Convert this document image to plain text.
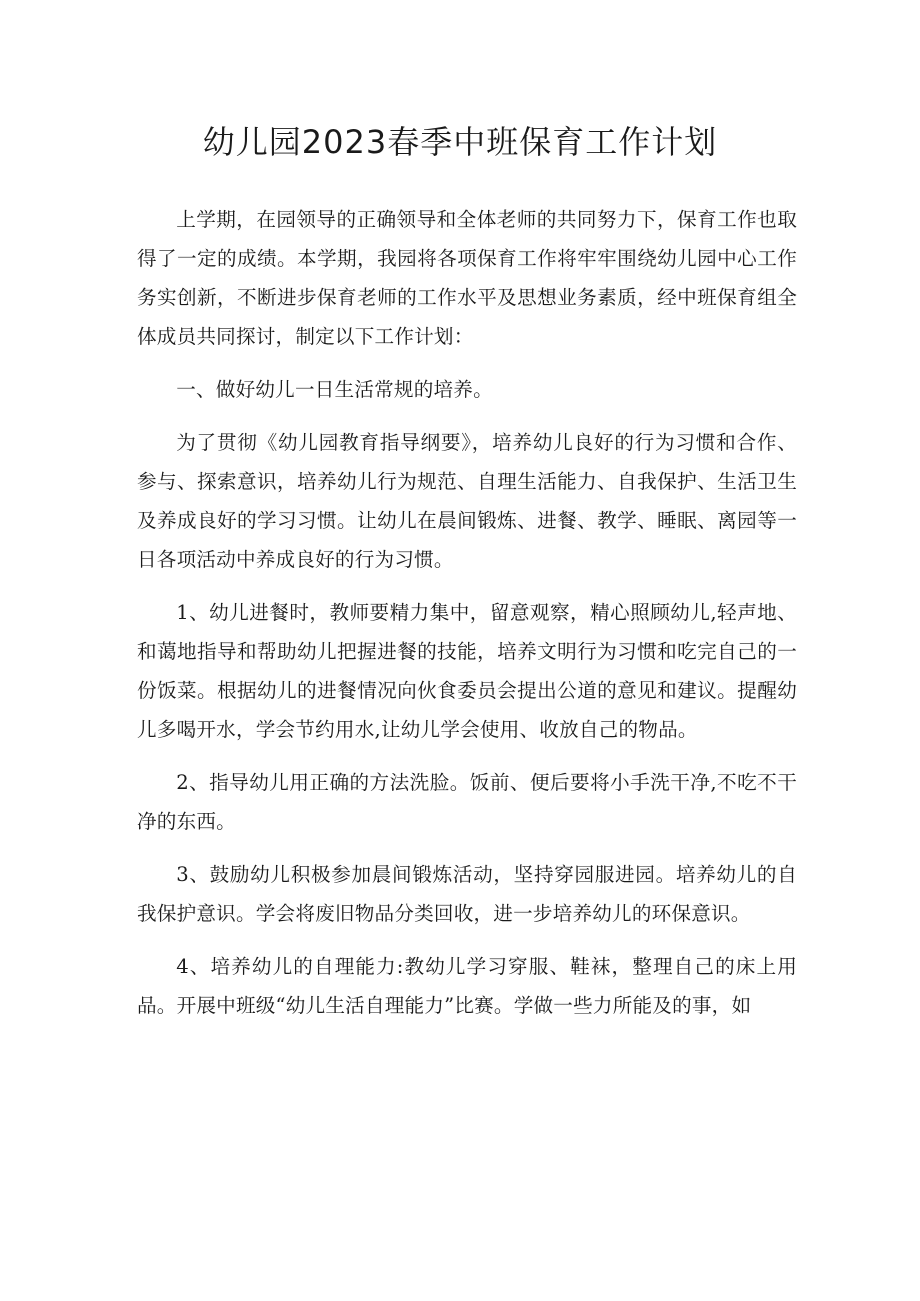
幼儿园2023春季中班保育工作计划

上学期，在园领导的正确领导和全体老师的共同努力下，保育工作也取得了一定的成绩。本学期，我园将各项保育工作将牢牢围绕幼儿园中心工作务实创新，不断进步保育老师的工作水平及思想业务素质，经中班保育组全体成员共同探讨，制定以下工作计划：

一、做好幼儿一日生活常规的培养。

为了贯彻《幼儿园教育指导纲要》，培养幼儿良好的行为习惯和合作、参与、探索意识，培养幼儿行为规范、自理生活能力、自我保护、生活卫生及养成良好的学习习惯。让幼儿在晨间锻炼、进餐、教学、睡眠、离园等一日各项活动中养成良好的行为习惯。

1、幼儿进餐时，教师要精力集中，留意观察，精心照顾幼儿,轻声地、和蔼地指导和帮助幼儿把握进餐的技能，培养文明行为习惯和吃完自己的一份饭菜。根据幼儿的进餐情况向伙食委员会提出公道的意见和建议。提醒幼儿多喝开水，学会节约用水,让幼儿学会使用、收放自己的物品。

2、指导幼儿用正确的方法洗脸。饭前、便后要将小手洗干净,不吃不干净的东西。

3、鼓励幼儿积极参加晨间锻炼活动，坚持穿园服进园。培养幼儿的自我保护意识。学会将废旧物品分类回收，进一步培养幼儿的环保意识。

4、培养幼儿的自理能力:教幼儿学习穿服、鞋袜，整理自己的床上用品。开展中班级“幼儿生活自理能力”比赛。学做一些力所能及的事，如
